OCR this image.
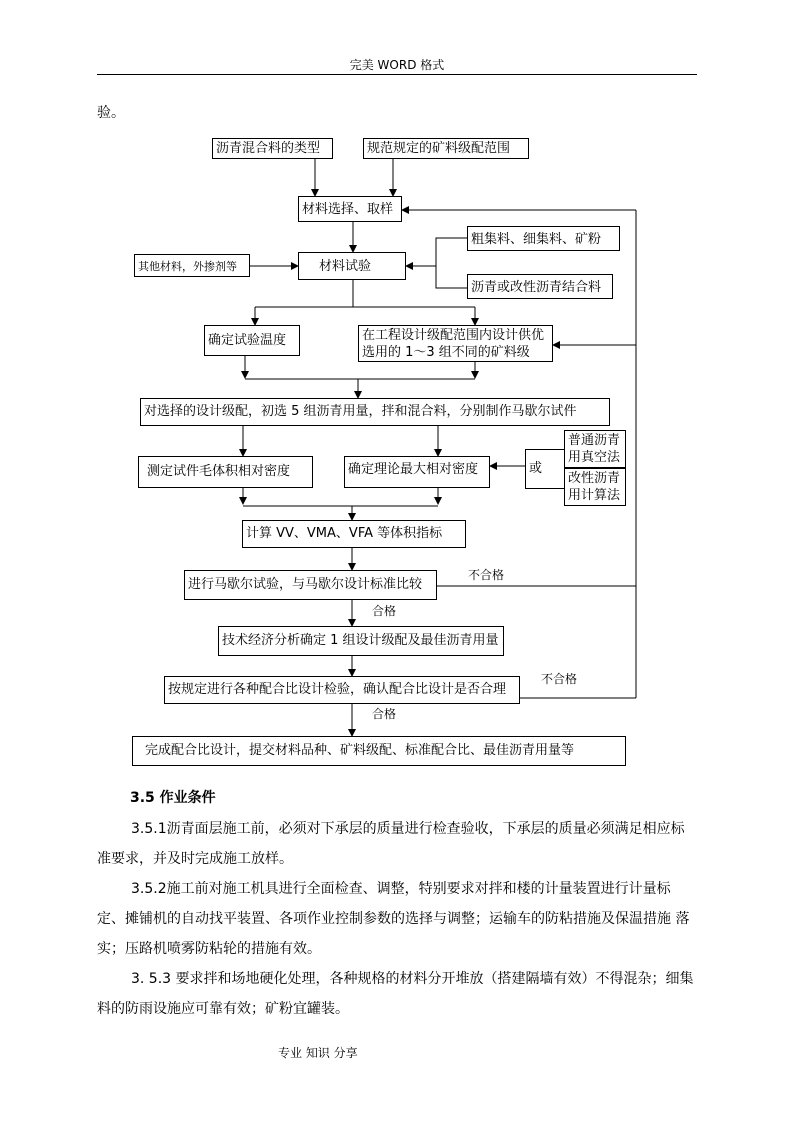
完美 WORD 格式
验。
沥青混合料的类型	规范规定的矿料级配范围
材料选择、取样
其他材料，外掺剂等	材料试验
粗集料、细集料、矿粉
沥青或改性沥青结合料
确定试验温度	在工程设计级配范围内设计供优选用的 1～3 组不同的矿料级
对选择的设计级配，初选 5 组沥青用量，拌和混合料，分别制作马歇尔试件
测定试件毛体积相对密度	确定理论最大相对密度	或
普通沥青用真空法
改性沥青用计算法
计算 VV、VMA、VFA 等体积指标
进行马歇尔试验，与马歇尔设计标准比较
技术经济分析确定 1 组设计级配及最佳沥青用量
按规定进行各种配合比设计检验，确认配合比设计是否合理
完成配合比设计，提交材料品种、矿料级配、标准配合比、最佳沥青用量等
不合格
合格
不合格
合格
3.5 作业条件

3.5.1沥青面层施工前，必须对下承层的质量进行检查验收，下承层的质量必须满足相应标准要求，并及时完成施工放样。

3.5.2施工前对施工机具进行全面检查、调整，特别要求对拌和楼的计量装置进行计量标定、摊铺机的自动找平装置、各项作业控制参数的选择与调整；运输车的防粘措施及保温措施 落实；压路机喷雾防粘轮的措施有效。

3. 5.3 要求拌和场地硬化处理，各种规格的材料分开堆放（搭建隔墙有效）不得混杂；细集料的防雨设施应可靠有效；矿粉宜罐装。

专业 知识 分享
